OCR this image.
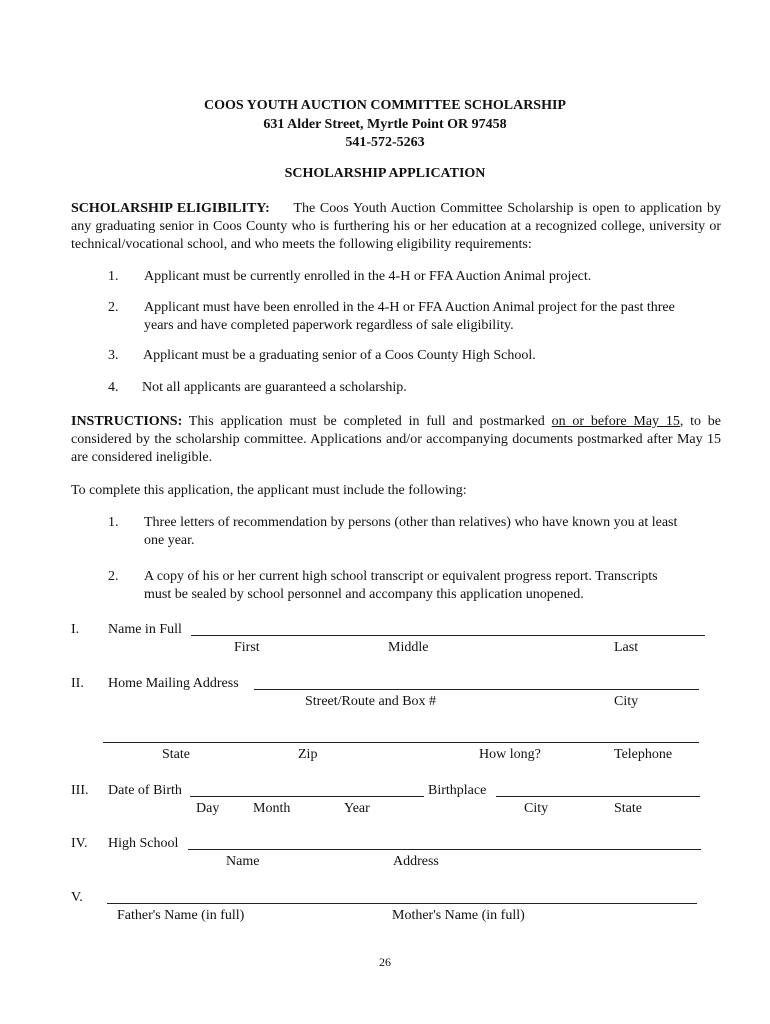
COOS YOUTH AUCTION COMMITTEE SCHOLARSHIP
631 Alder Street, Myrtle Point OR 97458
541-572-5263
SCHOLARSHIP APPLICATION
SCHOLARSHIP ELIGIBILITY: The Coos Youth Auction Committee Scholarship is open to application by any graduating senior in Coos County who is furthering his or her education at a recognized college, university or technical/vocational school, and who meets the following eligibility requirements:
1. Applicant must be currently enrolled in the 4-H or FFA Auction Animal project.
2. Applicant must have been enrolled in the 4-H or FFA Auction Animal project for the past three
years and have completed paperwork regardless of sale eligibility.
3. Applicant must be a graduating senior of a Coos County High School.
4. Not all applicants are guaranteed a scholarship.
INSTRUCTIONS: This application must be completed in full and postmarked on or before May 15, to be considered by the scholarship committee. Applications and/or accompanying documents postmarked after May 15 are considered ineligible.
To complete this application, the applicant must include the following:
1. Three letters of recommendation by persons (other than relatives) who have known you at least
one year.
2. A copy of his or her current high school transcript or equivalent progress report. Transcripts
must be sealed by school personnel and accompany this application unopened.
I. Name in Full
First	Middle	Last
II. Home Mailing Address
Street/Route and Box #	City
State	Zip	How long?	Telephone
III. Date of Birth	Birthplace
Day Month	Year	City	State
IV. High School
Name	Address
V.
Father's Name (in full)	Mother's Name (in full)
26
